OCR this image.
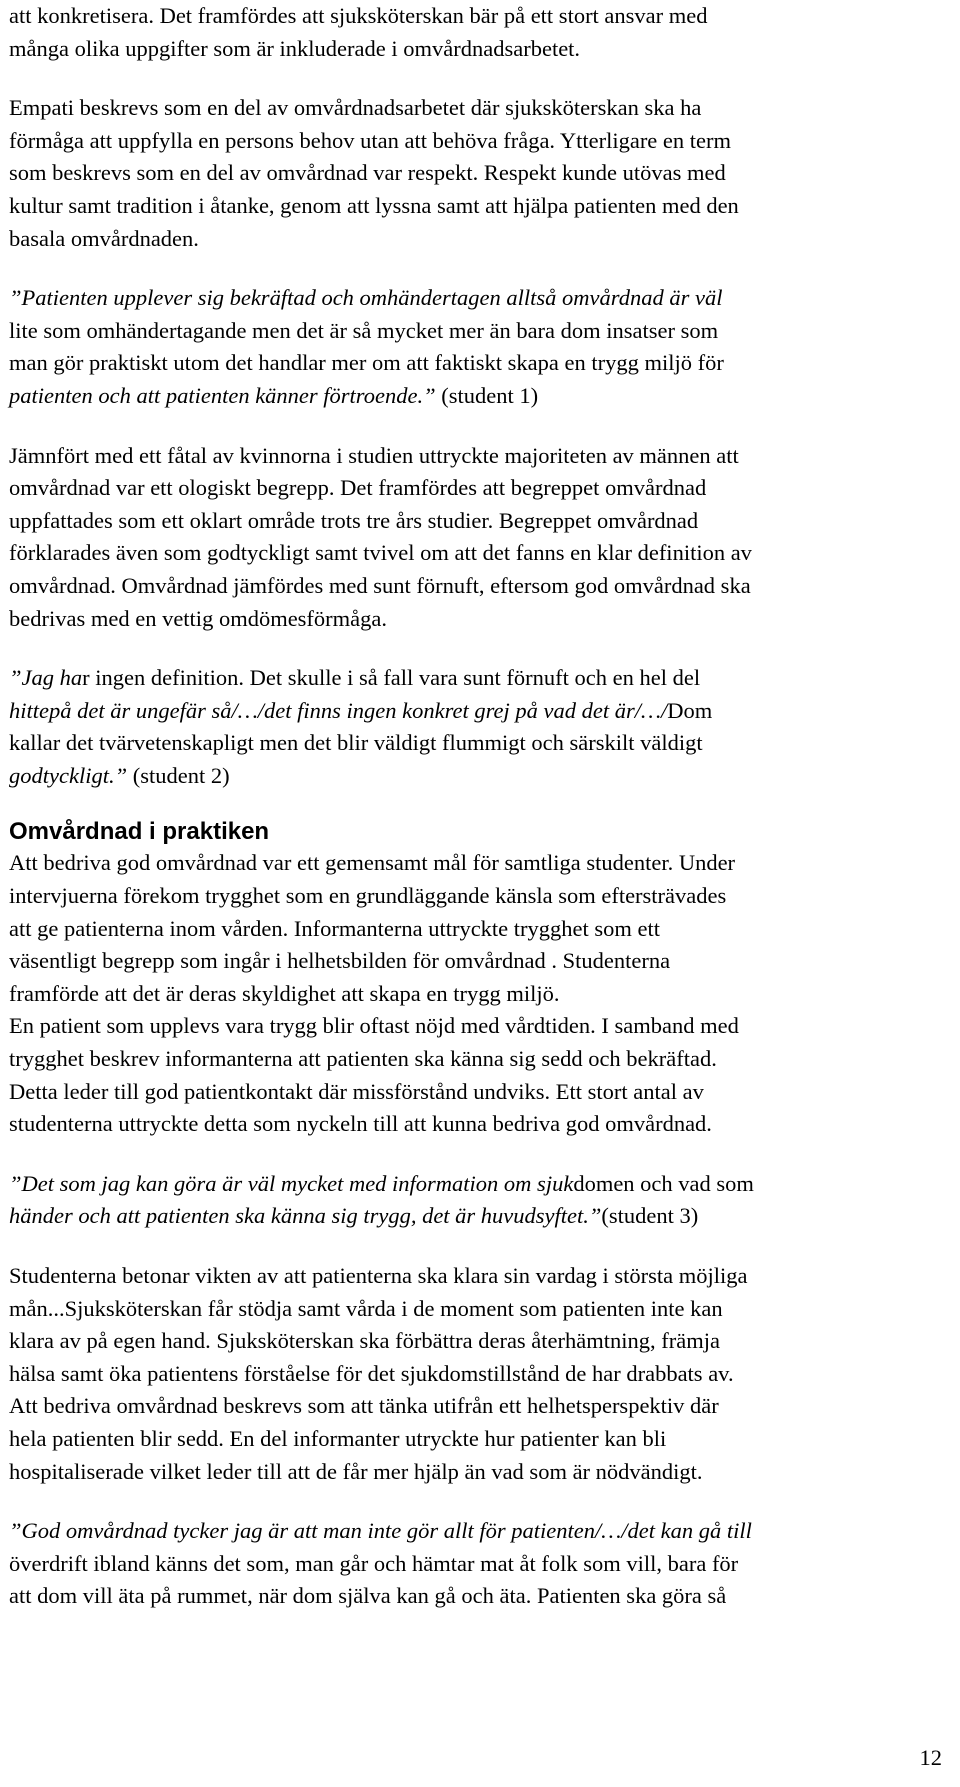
att konkretisera. Det framfördes att sjuksköterskan bär på ett stort ansvar med
många olika uppgifter som är inkluderade i omvårdnadsarbetet.
Empati beskrevs som en del av omvårdnadsarbetet där sjuksköterskan ska ha
förmåga att uppfylla en persons behov utan att behöva fråga. Ytterligare en term
som beskrevs som en del av omvårdnad var respekt. Respekt kunde utövas med
kultur samt tradition i åtanke, genom att lyssna samt att hjälpa patienten med den
basala omvårdnaden.
”Patienten upplever sig bekräftad och omhändertagen alltså omvårdnad är väl
lite som omhändertagande men det är så mycket mer än bara dom insatser som
man gör praktiskt utom det handlar mer om att faktiskt skapa en trygg miljö för
patienten och att patienten känner förtroende.” (student 1)
Jämnfört med ett fåtal av kvinnorna i studien uttryckte majoriteten av männen att
omvårdnad var ett ologiskt begrepp. Det framfördes att begreppet omvårdnad
uppfattades som ett oklart område trots tre års studier. Begreppet omvårdnad
förklarades även som godtyckligt samt tvivel om att det fanns en klar definition av
omvårdnad. Omvårdnad jämfördes med sunt förnuft, eftersom god omvårdnad ska
bedrivas med en vettig omdömesförmåga.
”Jag har ingen definition. Det skulle i så fall vara sunt förnuft och en hel del
hittepå det är ungefär så/…/det finns ingen konkret grej på vad det är/…/Dom
kallar det tvärvetenskapligt men det blir väldigt flummigt och särskilt väldigt
godtyckligt.” (student 2)
Omvårdnad i praktiken
Att bedriva god omvårdnad var ett gemensamt mål för samtliga studenter. Under
intervjuerna förekom trygghet som en grundläggande känsla som eftersträvades
att ge patienterna inom vården. Informanterna uttryckte trygghet som ett
väsentligt begrepp som ingår i helhetsbilden för omvårdnad . Studenterna
framförde att det är deras skyldighet att skapa en trygg miljö.
En patient som upplevs vara trygg blir oftast nöjd med vårdtiden. I samband med
trygghet beskrev informanterna att patienten ska känna sig sedd och bekräftad.
Detta leder till god patientkontakt där missförstånd undviks. Ett stort antal av
studenterna uttryckte detta som nyckeln till att kunna bedriva god omvårdnad.
”Det som jag kan göra är väl mycket med information om sjukdomen och vad som
händer och att patienten ska känna sig trygg, det är huvudsyftet.”(student 3)
Studenterna betonar vikten av att patienterna ska klara sin vardag i största möjliga
mån...Sjuksköterskan får stödja samt vårda i de moment som patienten inte kan
klara av på egen hand. Sjuksköterskan ska förbättra deras återhämtning, främja
hälsa samt öka patientens förståelse för det sjukdomstillstånd de har drabbats av.
Att bedriva omvårdnad beskrevs som att tänka utifrån ett helhetsperspektiv där
hela patienten blir sedd. En del informanter utryckte hur patienter kan bli
hospitaliserade vilket leder till att de får mer hjälp än vad som är nödvändigt.
”God omvårdnad tycker jag är att man inte gör allt för patienten/…/det kan gå till
överdrift ibland känns det som, man går och hämtar mat åt folk som vill, bara för
att dom vill äta på rummet, när dom själva kan gå och äta. Patienten ska göra så
12
